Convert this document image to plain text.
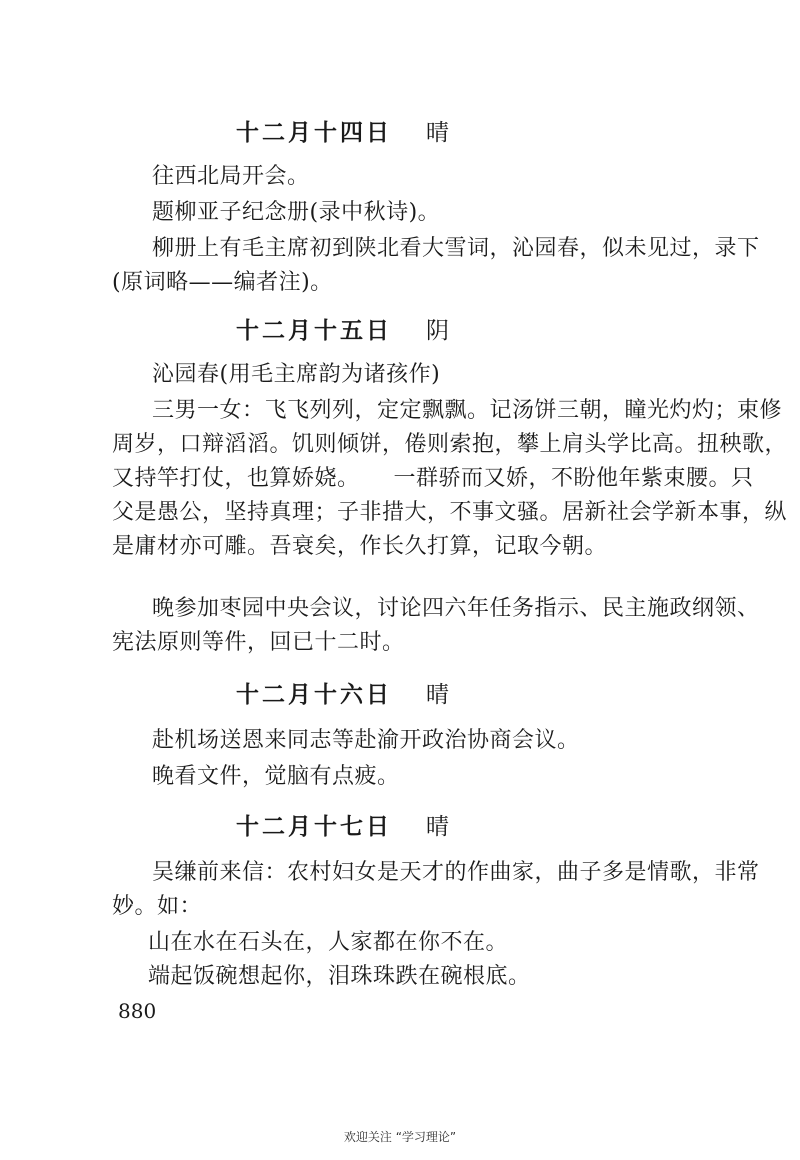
十二月十四日 晴
往西北局开会。
题柳亚子纪念册(录中秋诗)。
柳册上有毛主席初到陕北看大雪词，沁园春，似未见过，录下
(原词略——编者注)。
十二月十五日 阴
沁园春(用毛主席韵为诸孩作)
三男一女：飞飞列列，定定飘飘。记汤饼三朝，瞳光灼灼；束修
周岁，口辩滔滔。饥则倾饼，倦则索抱，攀上肩头学比高。扭秧歌，
又持竿打仗，也算娇娆。　　一群骄而又娇，不盼他年紫束腰。只
父是愚公，坚持真理；子非措大，不事文骚。居新社会学新本事，纵
是庸材亦可雕。吾衰矣，作长久打算，记取今朝。
晚参加枣园中央会议，讨论四六年任务指示、民主施政纲领、
宪法原则等件，回已十二时。
十二月十六日 晴
赴机场送恩来同志等赴渝开政治协商会议。
晚看文件，觉脑有点疲。
十二月十七日 晴
吴缣前来信：农村妇女是天才的作曲家，曲子多是情歌，非常
妙。如：
山在水在石头在，人家都在你不在。
端起饭碗想起你，泪珠珠跌在碗根底。
880
欢迎关注 “学习理论”
